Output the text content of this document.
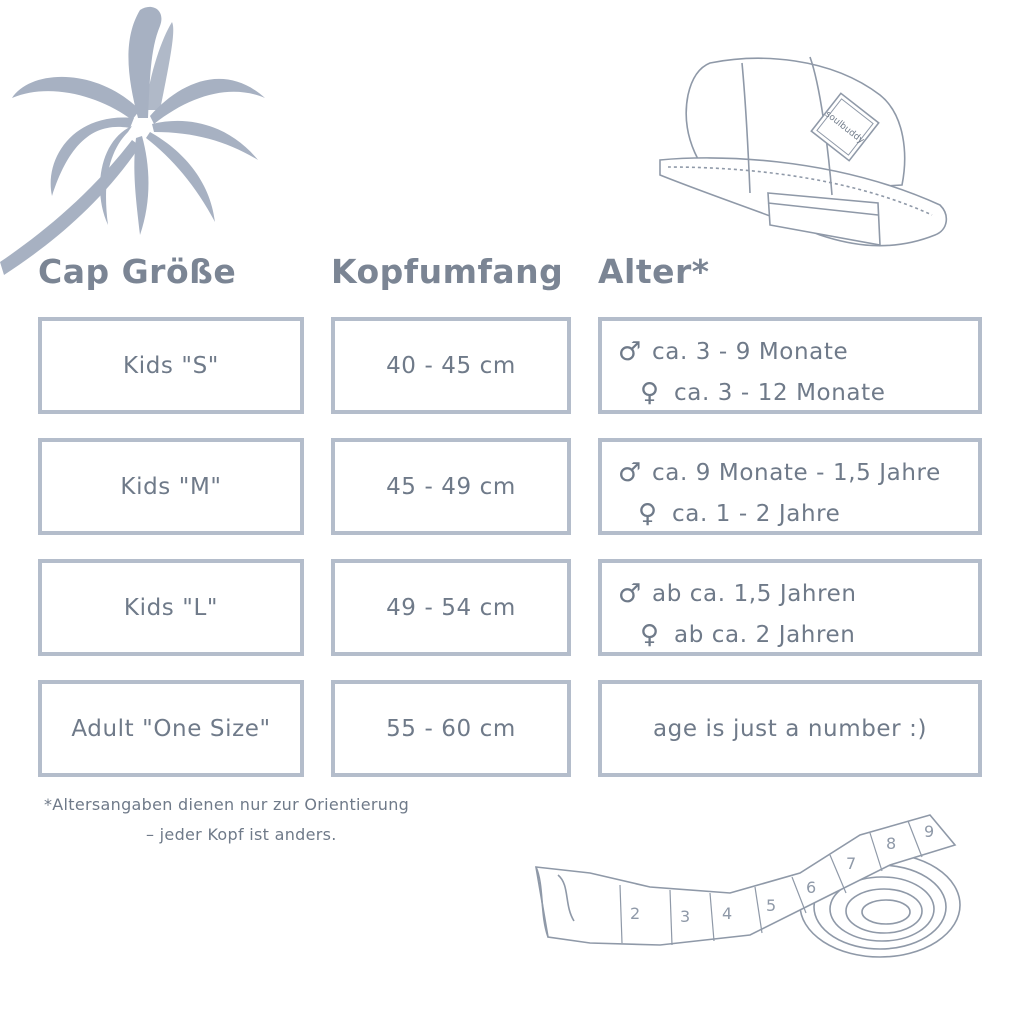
soulbuddy
Cap Größe	Kopfumfang Alter*
Kids "S"	40 - 45 cm	♂ ca. 3 - 9 Monate
♀ ca. 3 - 12 Monate
Kids "M"	45 - 49 cm	♂ ca. 9 Monate - 1,5 Jahre
♀ ca. 1 - 2 Jahre
Kids "L"	49 - 54 cm	♂ ab ca. 1,5 Jahren
♀ ab ca. 2 Jahren
Adult "One Size"	55 - 60 cm	age is just a number :)
*Altersangaben dienen nur zur Orientierung
– jeder Kopf ist anders.
2 3 4 5
6
7
8
9
